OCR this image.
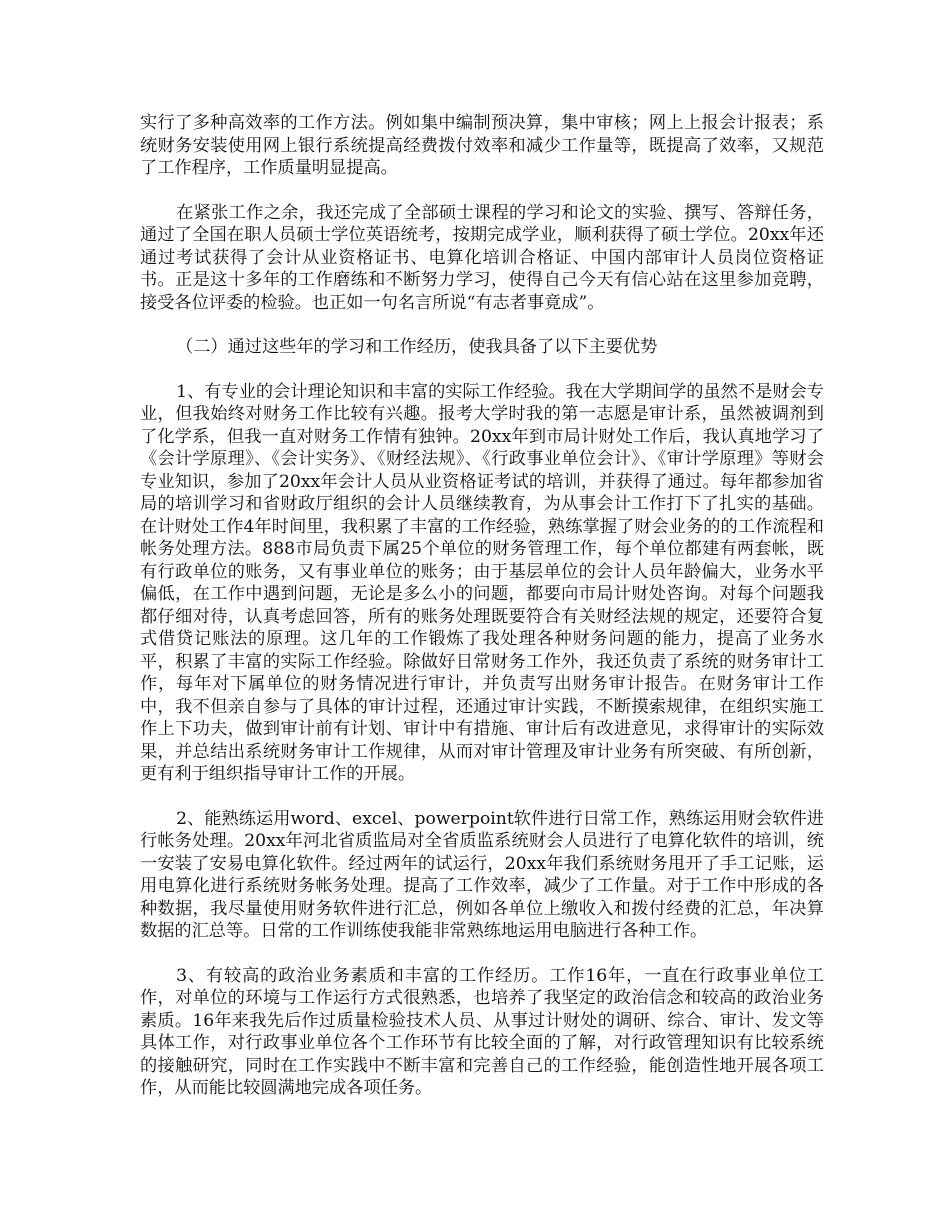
实行了多种高效率的工作方法。例如集中编制预决算，集中审核；网上上报会计报表；系统财务安装使用网上银行系统提高经费拨付效率和减少工作量等，既提高了效率，又规范了工作程序，工作质量明显提高。

在紧张工作之余，我还完成了全部硕士课程的学习和论文的实验、撰写、答辩任务，通过了全国在职人员硕士学位英语统考，按期完成学业，顺利获得了硕士学位。20xx年还通过考试获得了会计从业资格证书、电算化培训合格证、中国内部审计人员岗位资格证书。正是这十多年的工作磨练和不断努力学习，使得自己今天有信心站在这里参加竞聘，接受各位评委的检验。也正如一句名言所说“有志者事竟成”。

（二）通过这些年的学习和工作经历，使我具备了以下主要优势

1、有专业的会计理论知识和丰富的实际工作经验。我在大学期间学的虽然不是财会专业，但我始终对财务工作比较有兴趣。报考大学时我的第一志愿是审计系，虽然被调剂到了化学系，但我一直对财务工作情有独钟。20xx年到市局计财处工作后，我认真地学习了《会计学原理》、《会计实务》、《财经法规》、《行政事业单位会计》、《审计学原理》等财会专业知识，参加了20xx年会计人员从业资格证考试的培训，并获得了通过。每年都参加省局的培训学习和省财政厅组织的会计人员继续教育，为从事会计工作打下了扎实的基础。在计财处工作4年时间里，我积累了丰富的工作经验，熟练掌握了财会业务的的工作流程和帐务处理方法。888市局负责下属25个单位的财务管理工作，每个单位都建有两套帐，既有行政单位的账务，又有事业单位的账务；由于基层单位的会计人员年龄偏大，业务水平偏低，在工作中遇到问题，无论是多么小的问题，都要向市局计财处咨询。对每个问题我都仔细对待，认真考虑回答，所有的账务处理既要符合有关财经法规的规定，还要符合复式借贷记账法的原理。这几年的工作锻炼了我处理各种财务问题的能力，提高了业务水平，积累了丰富的实际工作经验。除做好日常财务工作外，我还负责了系统的财务审计工作，每年对下属单位的财务情况进行审计，并负责写出财务审计报告。在财务审计工作中，我不但亲自参与了具体的审计过程，还通过审计实践，不断摸索规律，在组织实施工作上下功夫，做到审计前有计划、审计中有措施、审计后有改进意见，求得审计的实际效果，并总结出系统财务审计工作规律，从而对审计管理及审计业务有所突破、有所创新，更有利于组织指导审计工作的开展。

2、能熟练运用word、excel、powerpoint软件进行日常工作，熟练运用财会软件进行帐务处理。20xx年河北省质监局对全省质监系统财会人员进行了电算化软件的培训，统一安装了安易电算化软件。经过两年的试运行，20xx年我们系统财务甩开了手工记账，运用电算化进行系统财务帐务处理。提高了工作效率，减少了工作量。对于工作中形成的各种数据，我尽量使用财务软件进行汇总，例如各单位上缴收入和拨付经费的汇总，年决算数据的汇总等。日常的工作训练使我能非常熟练地运用电脑进行各种工作。

3、有较高的政治业务素质和丰富的工作经历。工作16年，一直在行政事业单位工作，对单位的环境与工作运行方式很熟悉，也培养了我坚定的政治信念和较高的政治业务素质。16年来我先后作过质量检验技术人员、从事过计财处的调研、综合、审计、发文等具体工作，对行政事业单位各个工作环节有比较全面的了解，对行政管理知识有比较系统的接触研究，同时在工作实践中不断丰富和完善自己的工作经验，能创造性地开展各项工作，从而能比较圆满地完成各项任务。
